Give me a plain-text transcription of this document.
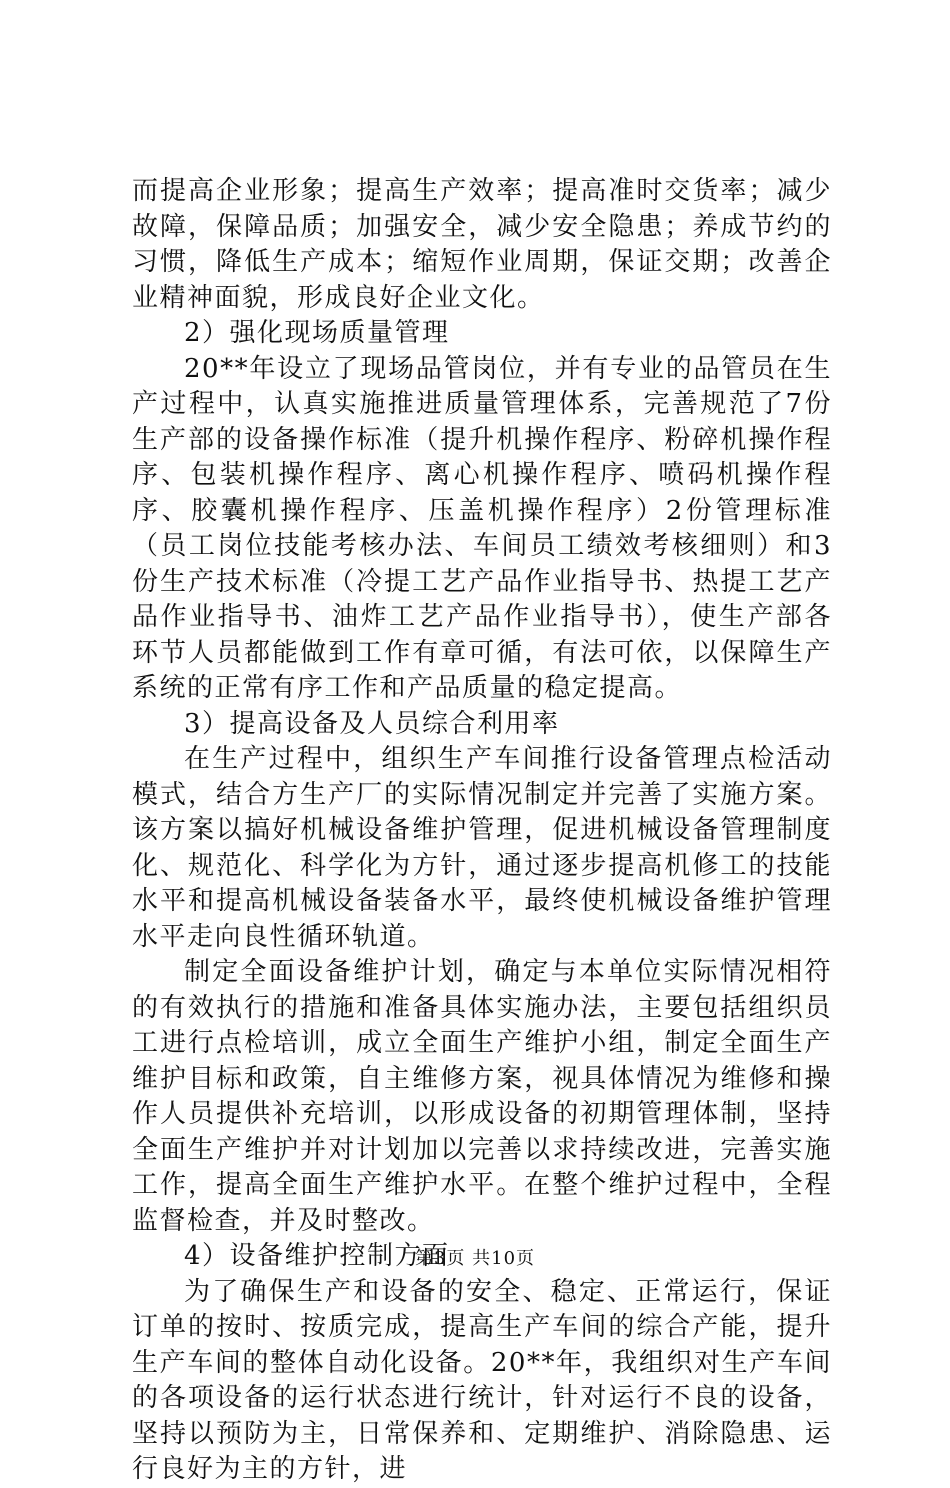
而提高企业形象；提高生产效率；提高准时交货率；减少故障，保障品质；加强安全，减少安全隐患；养成节约的习惯，降低生产成本；缩短作业周期，保证交期；改善企业精神面貌，形成良好企业文化。

2）强化现场质量管理

20**年设立了现场品管岗位，并有专业的品管员在生产过程中，认真实施推进质量管理体系，完善规范了7份生产部的设备操作标准（提升机操作程序、粉碎机操作程序、包装机操作程序、离心机操作程序、喷码机操作程序、胶囊机操作程序、压盖机操作程序）2份管理标准（员工岗位技能考核办法、车间员工绩效考核细则）和3份生产技术标准（冷提工艺产品作业指导书、热提工艺产品作业指导书、油炸工艺产品作业指导书），使生产部各环节人员都能做到工作有章可循，有法可依，以保障生产系统的正常有序工作和产品质量的稳定提高。

3）提高设备及人员综合利用率

在生产过程中，组织生产车间推行设备管理点检活动模式，结合方生产厂的实际情况制定并完善了实施方案。该方案以搞好机械设备维护管理，促进机械设备管理制度化、规范化、科学化为方针，通过逐步提高机修工的技能水平和提高机械设备装备水平，最终使机械设备维护管理水平走向良性循环轨道。

制定全面设备维护计划，确定与本单位实际情况相符的有效执行的措施和准备具体实施办法，主要包括组织员工进行点检培训，成立全面生产维护小组，制定全面生产维护目标和政策，自主维修方案，视具体情况为维修和操作人员提供补充培训，以形成设备的初期管理体制，坚持全面生产维护并对计划加以完善以求持续改进，完善实施工作，提高全面生产维护水平。在整个维护过程中，全程监督检查，并及时整改。

4）设备维护控制方面

为了确保生产和设备的安全、稳定、正常运行，保证订单的按时、按质完成，提高生产车间的综合产能，提升生产车间的整体自动化设备。20**年，我组织对生产车间的各项设备的运行状态进行统计，针对运行不良的设备，坚持以预防为主，日常保养和、定期维护、消除隐患、运行良好为主的方针，进

第3页 共10页
